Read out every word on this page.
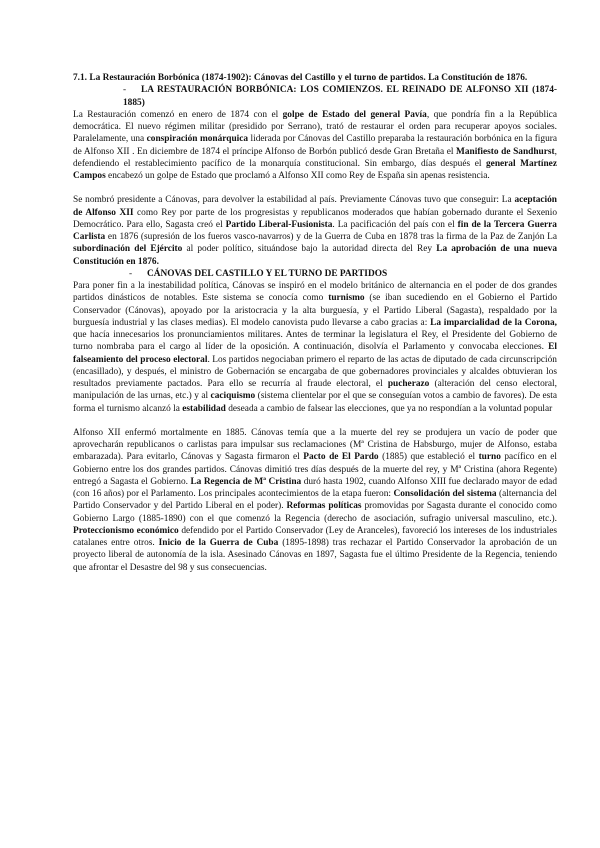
7.1. La Restauración Borbónica (1874-1902): Cánovas del Castillo y el turno de partidos. La Constitución de 1876.

- LA RESTAURACIÓN BORBÓNICA: LOS COMIENZOS. EL REINADO DE ALFONSO XII (1874-1885)

La Restauración comenzó en enero de 1874 con el golpe de Estado del general Pavía, que pondría fin a la República democrática. El nuevo régimen militar (presidido por Serrano), trató de restaurar el orden para recuperar apoyos sociales. Paralelamente, una conspiración monárquica liderada por Cánovas del Castillo preparaba la restauración borbónica en la figura de Alfonso XII . En diciembre de 1874 el príncipe Alfonso de Borbón publicó desde Gran Bretaña el Manifiesto de Sandhurst, defendiendo el restablecimiento pacífico de la monarquía constitucional. Sin embargo, días después el general Martínez Campos encabezó un golpe de Estado que proclamó a Alfonso XII como Rey de España sin apenas resistencia.

Se nombró presidente a Cánovas, para devolver la estabilidad al país. Previamente Cánovas tuvo que conseguir: La aceptación de Alfonso XII como Rey por parte de los progresistas y republicanos moderados que habían gobernado durante el Sexenio Democrático. Para ello, Sagasta creó el Partido Liberal-Fusionista. La pacificación del país con el fin de la Tercera Guerra Carlista en 1876 (supresión de los fueros vasco-navarros) y de la Guerra de Cuba en 1878 tras la firma de la Paz de Zanjón La subordinación del Ejército al poder político, situándose bajo la autoridad directa del Rey La aprobación de una nueva Constitución en 1876.

- CÁNOVAS DEL CASTILLO Y EL TURNO DE PARTIDOS

Para poner fin a la inestabilidad política, Cánovas se inspiró en el modelo británico de alternancia en el poder de dos grandes partidos dinásticos de notables. Este sistema se conocía como turnismo (se iban sucediendo en el Gobierno el Partido Conservador (Cánovas), apoyado por la aristocracia y la alta burguesía, y el Partido Liberal (Sagasta), respaldado por la burguesía industrial y las clases medias). El modelo canovista pudo llevarse a cabo gracias a: La imparcialidad de la Corona, que hacía innecesarios los pronunciamientos militares. Antes de terminar la legislatura el Rey, el Presidente del Gobierno de turno nombraba para el cargo al líder de la oposición. A continuación, disolvía el Parlamento y convocaba elecciones. El falseamiento del proceso electoral. Los partidos negociaban primero el reparto de las actas de diputado de cada circunscripción (encasillado), y después, el ministro de Gobernación se encargaba de que gobernadores provinciales y alcaldes obtuvieran los resultados previamente pactados. Para ello se recurría al fraude electoral, el pucherazo (alteración del censo electoral, manipulación de las urnas, etc.) y al caciquismo (sistema clientelar por el que se conseguían votos a cambio de favores). De esta forma el turnismo alcanzó la estabilidad deseada a cambio de falsear las elecciones, que ya no respondían a la voluntad popular

Alfonso XII enfermó mortalmente en 1885. Cánovas temía que a la muerte del rey se produjera un vacío de poder que aprovecharán republicanos o carlistas para impulsar sus reclamaciones (Mª Cristina de Habsburgo, mujer de Alfonso, estaba embarazada). Para evitarlo, Cánovas y Sagasta firmaron el Pacto de El Pardo (1885) que estableció el turno pacífico en el Gobierno entre los dos grandes partidos. Cánovas dimitió tres días después de la muerte del rey, y Mª Cristina (ahora Regente) entregó a Sagasta el Gobierno. La Regencia de Mª Cristina duró hasta 1902, cuando Alfonso XIII fue declarado mayor de edad (con 16 años) por el Parlamento. Los principales acontecimientos de la etapa fueron: Consolidación del sistema (alternancia del Partido Conservador y del Partido Liberal en el poder). Reformas políticas promovidas por Sagasta durante el conocido como Gobierno Largo (1885-1890) con el que comenzó la Regencia (derecho de asociación, sufragio universal masculino, etc.). Proteccionismo económico defendido por el Partido Conservador (Ley de Aranceles), favoreció los intereses de los industriales catalanes entre otros. Inicio de la Guerra de Cuba (1895-1898) tras rechazar el Partido Conservador la aprobación de un proyecto liberal de autonomía de la isla. Asesinado Cánovas en 1897, Sagasta fue el último Presidente de la Regencia, teniendo que afrontar el Desastre del 98 y sus consecuencias.
